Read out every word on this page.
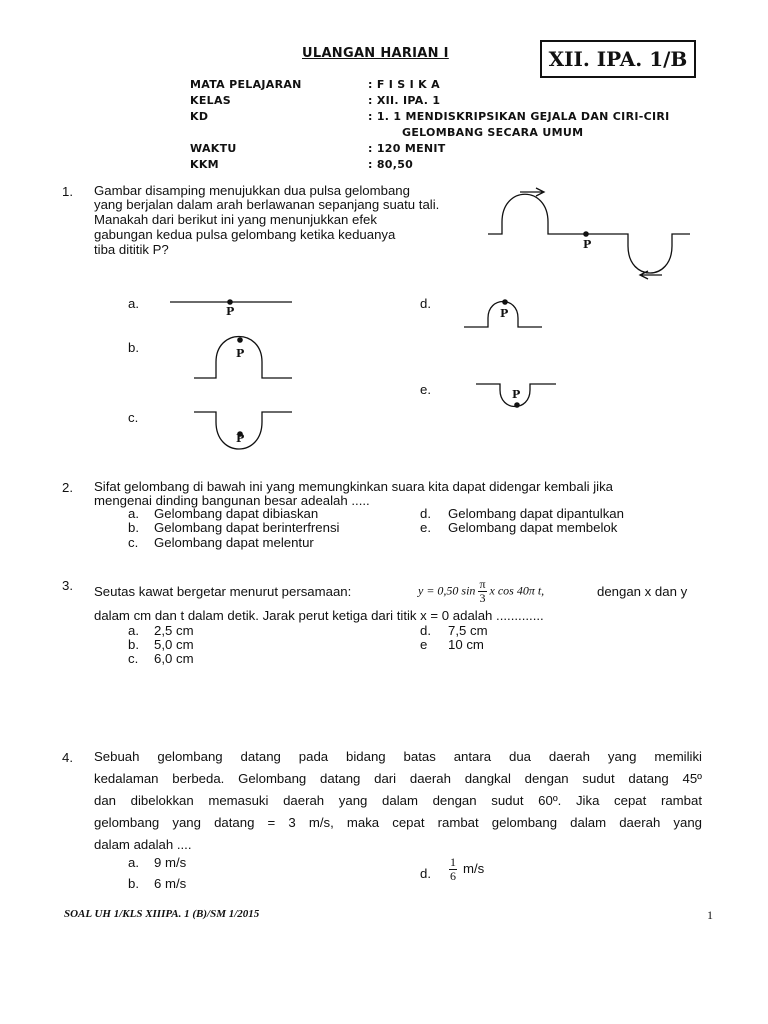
ULANGAN HARIAN I	XII. IPA. 1/B
MATA PELAJARAN	: F I S I K A
KELAS	: XII. IPA. 1
KD	: 1. 1 MENDISKRIPSIKAN GEJALA DAN CIRI-CIRI
GELOMBANG SECARA UMUM
WAKTU	: 120 MENIT
KKM	: 80,50
1. Gambar disamping menujukkan dua pulsa gelombang
yang berjalan dalam arah berlawanan sepanjang suatu tali.
Manakah dari berikut ini yang menunjukkan efek
gabungan kedua pulsa gelombang ketika keduanya
tiba dititik P?	P
a.
b.
c.
d.
e.
P
P
P
P
P
2. Sifat gelombang di bawah ini yang memungkinkan suara kita dapat didengar kembali jika
mengenai dinding bangunan besar adealah .....
a. Gelombang dapat dibiaskan
b. Gelombang dapat berinterfrensi
c. Gelombang dapat melentur
d. Gelombang dapat dipantulkan
e. Gelombang dapat membelok
3. Seutas kawat bergetar menurut persamaan:	y = 0,50 $\sin \frac{\pi}{3}$ x cos 40π t,	dengan x dan y
dalam cm dan t dalam detik. Jarak perut ketiga dari titik x = 0 adalah .............
a. 2,5 cm
b. 5,0 cm
c. 6,0 cm
d. 7,5 cm
e 10 cm
4. Sebuah gelombang datang pada bidang batas antara dua daerah yang memiliki
kedalaman berbeda. Gelombang datang dari daerah dangkal dengan sudut datang 45º
dan dibelokkan memasuki daerah yang dalam dengan sudut 60º. Jika cepat rambat
gelombang yang datang = 3 m/s, maka cepat rambat gelombang dalam daerah yang
dalam adalah ....
a. 9 m/s
b. 6 m/s
d. $\frac{1}{6} m/s$
SOAL UH 1/KLS XIIIPA. 1 (B)/SM 1/2015	1
